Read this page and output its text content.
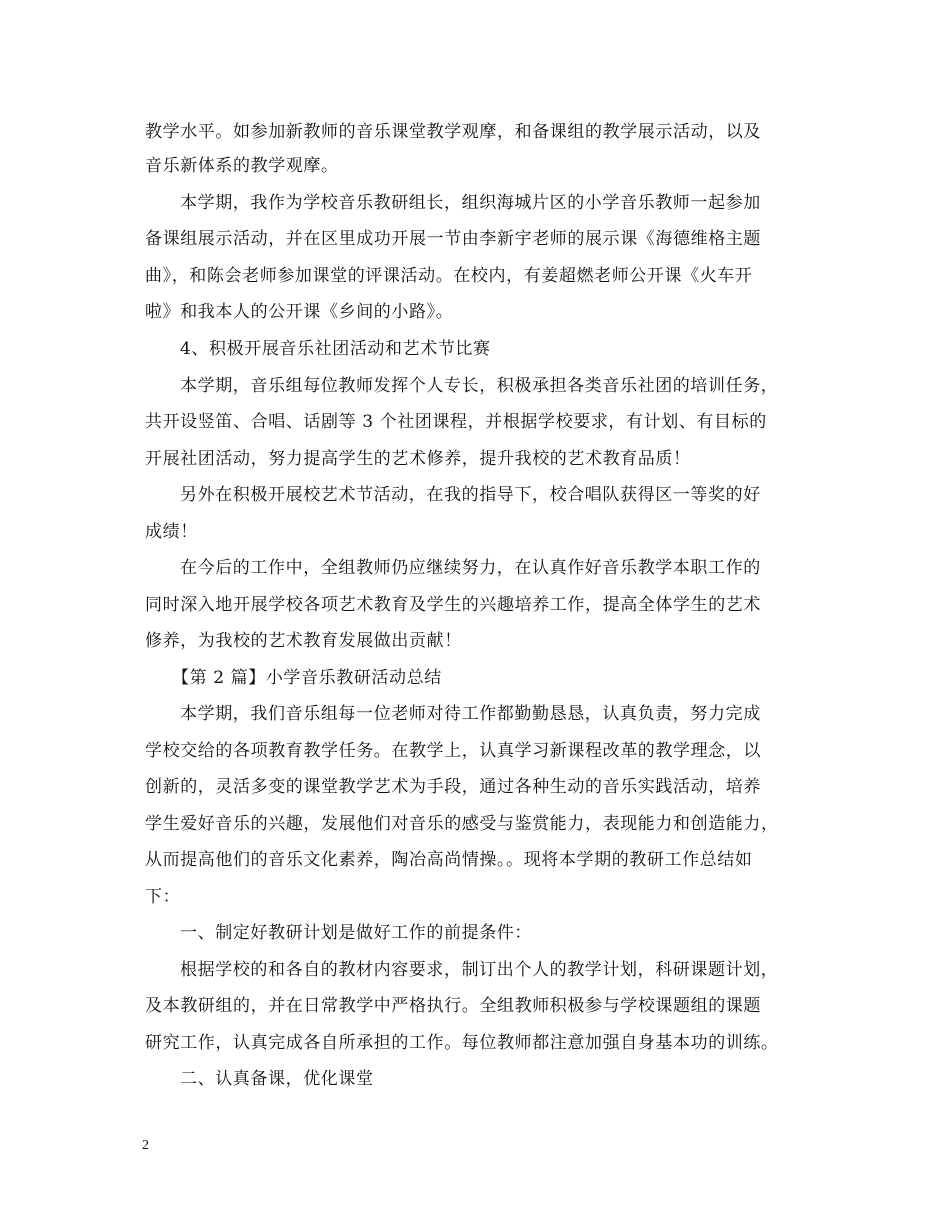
教学水平。如参加新教师的音乐课堂教学观摩，和备课组的教学展示活动，以及
音乐新体系的教学观摩。
本学期，我作为学校音乐教研组长，组织海城片区的小学音乐教师一起参加
备课组展示活动，并在区里成功开展一节由李新宇老师的展示课《海德维格主题
曲》，和陈会老师参加课堂的评课活动。在校内，有姜超燃老师公开课《火车开
啦》和我本人的公开课《乡间的小路》。
4、积极开展音乐社团活动和艺术节比赛
本学期，音乐组每位教师发挥个人专长，积极承担各类音乐社团的培训任务，
共开设竖笛、合唱、话剧等 3 个社团课程，并根据学校要求，有计划、有目标的
开展社团活动，努力提高学生的艺术修养，提升我校的艺术教育品质！
另外在积极开展校艺术节活动，在我的指导下，校合唱队获得区一等奖的好
成绩！
在今后的工作中，全组教师仍应继续努力，在认真作好音乐教学本职工作的
同时深入地开展学校各项艺术教育及学生的兴趣培养工作，提高全体学生的艺术
修养，为我校的艺术教育发展做出贡献！
【第 2 篇】小学音乐教研活动总结
本学期，我们音乐组每一位老师对待工作都勤勤恳恳，认真负责，努力完成
学校交给的各项教育教学任务。在教学上，认真学习新课程改革的教学理念，以
创新的，灵活多变的课堂教学艺术为手段，通过各种生动的音乐实践活动，培养
学生爱好音乐的兴趣，发展他们对音乐的感受与鉴赏能力，表现能力和创造能力，
从而提高他们的音乐文化素养，陶冶高尚情操。。现将本学期的教研工作总结如
下：
一、制定好教研计划是做好工作的前提条件：
根据学校的和各自的教材内容要求，制订出个人的教学计划，科研课题计划，
及本教研组的，并在日常教学中严格执行。全组教师积极参与学校课题组的课题
研究工作，认真完成各自所承担的工作。每位教师都注意加强自身基本功的训练。
二、认真备课，优化课堂
2
